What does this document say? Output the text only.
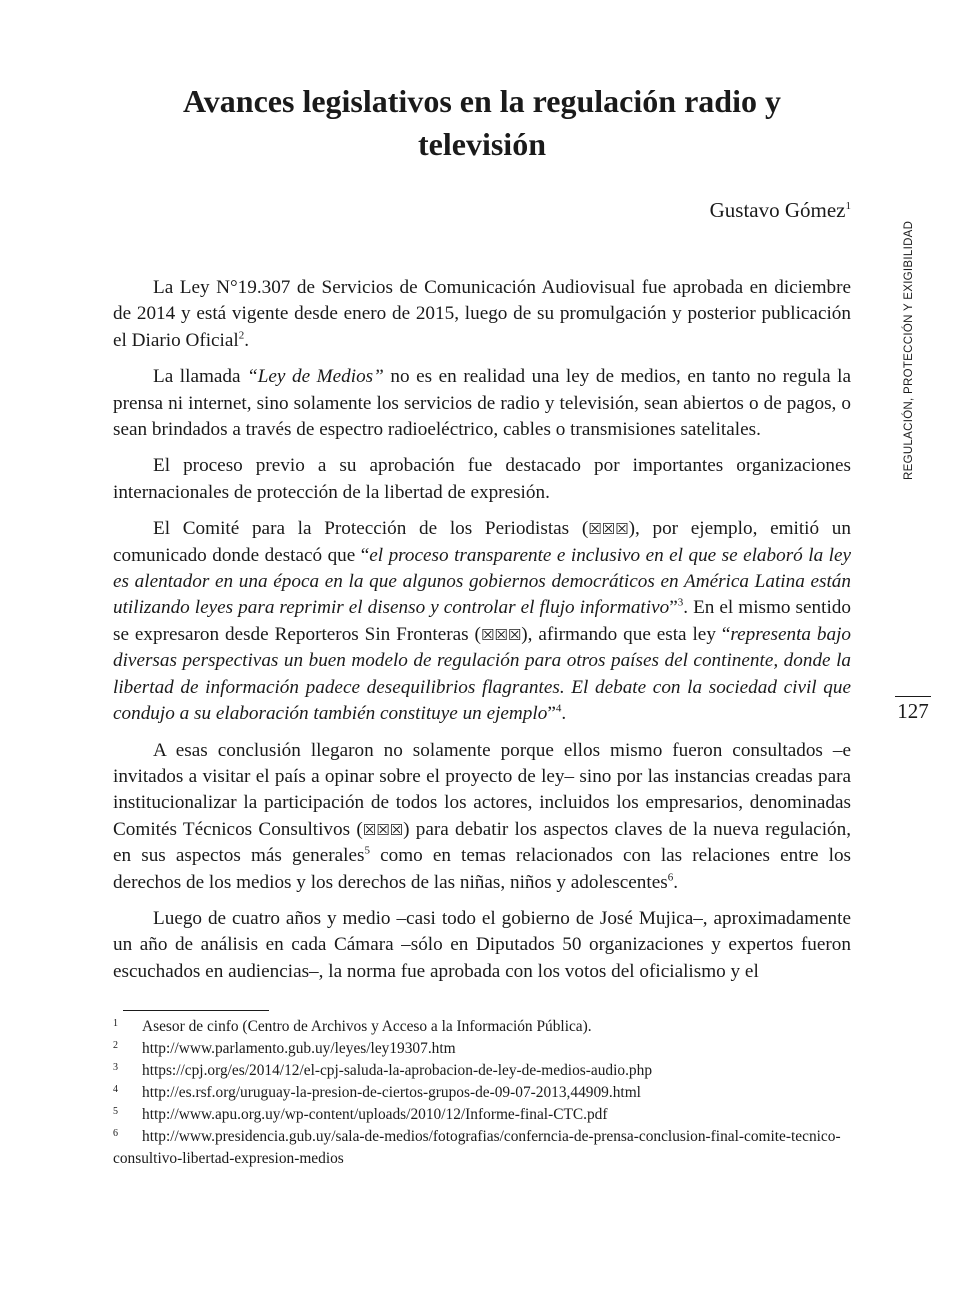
Avances legislativos en la regulación radio y
televisión
Gustavo Gómez$^1$

La Ley N°19.307 de Servicios de Comunicación Audiovisual fue aprobada en diciembre de 2014 y está vigente desde enero de 2015, luego de su promulgación y posterior publicación el Diario Oficial$^2$.

La llamada “Ley de Medios” no es en realidad una ley de medios, en tanto no regula la prensa ni internet, sino solamente los servicios de radio y televisión, sean abiertos o de pagos, o sean brindados a través de espectro radioeléctrico, cables o transmisiones satelitales.

El proceso previo a su aprobación fue destacado por importantes organizaciones internacionales de protección de la libertad de expresión.

El Comité para la Protección de los Periodistas (☒☒☒), por ejemplo, emitió un comunicado donde destacó que “el proceso transparente e inclusivo en el que se elaboró la ley es alentador en una época en la que algunos gobiernos democráticos en América Latina están utilizando leyes para reprimir el disenso y controlar el flujo informativo”$^3$. En el mismo sentido se expresaron desde Reporteros Sin Fronteras (☒☒☒), afirmando que esta ley “representa bajo diversas perspectivas un buen modelo de regulación para otros países del continente, donde la libertad de información padece desequilibrios flagrantes. El debate con la sociedad civil que condujo a su elaboración también constituye un ejemplo”$^4$.

A esas conclusión llegaron no solamente porque ellos mismo fueron consultados –e invitados a visitar el país a opinar sobre el proyecto de ley– sino por las instancias creadas para institucionalizar la participación de todos los actores, incluidos los empresarios, denominadas Comités Técnicos Consultivos (☒☒☒) para debatir los aspectos claves de la nueva regulación, en sus aspectos más generales$^5$ como en temas relacionados con las relaciones entre los derechos de los medios y los derechos de las niñas, niños y adolescentes$^6$.

Luego de cuatro años y medio –casi todo el gobierno de José Mujica–, aproximadamente un año de análisis en cada Cámara –sólo en Diputados 50 organizaciones y expertos fueron escuchados en audiencias–, la norma fue aprobada con los votos del oficialismo y el

1 Asesor de cinfo (Centro de Archivos y Acceso a la Información Pública).
2 http://www.parlamento.gub.uy/leyes/ley19307.htm
3 https://cpj.org/es/2014/12/el-cpj-saluda-la-aprobacion-de-ley-de-medios-audio.php
4 http://es.rsf.org/uruguay-la-presion-de-ciertos-grupos-de-09-07-2013,44909.html
5 http://www.apu.org.uy/wp-content/uploads/2010/12/Informe-final-CTC.pdf
6 http://www.presidencia.gub.uy/sala-de-medios/fotografias/conferncia-de-prensa-conclusion-final-comite-tecnico-consultivo-libertad-expresion-medios
REGULACIÓN, PROTECCIÓN Y EXIGIBILIDAD
127
